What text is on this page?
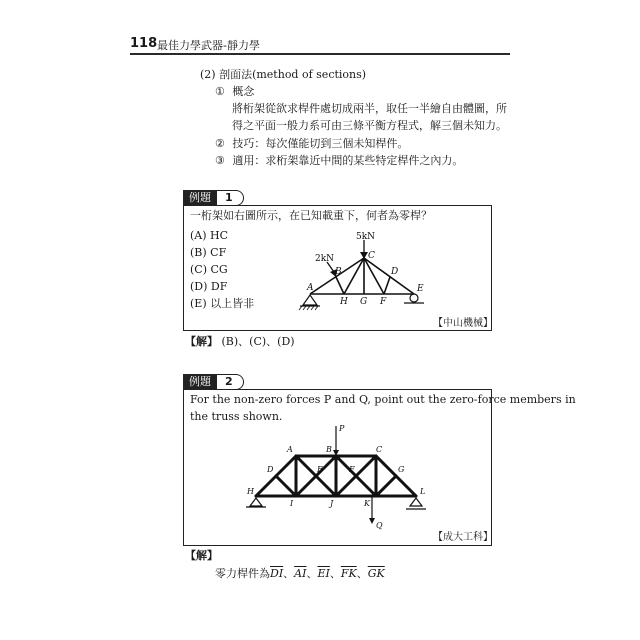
118 最佳力學武器-靜力學
(2) 剖面法(method of sections)
① 概念
將桁架從欲求桿件處切成兩半，取任一半繪自由體圖，所
得之平面一般力系可由三條平衡方程式，解三個未知力。
② 技巧：每次僅能切到三個未知桿件。
③ 適用：求桁架靠近中間的某些特定桿件之內力。
例題	1
一桁架如右圖所示，在已知載重下，何者為零桿？
(A) HC
(B) CF
(C) CG
(D) DF
(E) 以上皆非
5kN
2kN
A
B
C
D
E
H G F
【中山機械】
【解】 (B)、(C)、(D)
例題	2
For the non-zero forces P and Q, point out the zero-force members in
the truss shown.
P
Q
A	B	C
D	E	F	G
H
I	J	K
L
【成大工科】
【解】
零力桿件為$\overline{DI}$、$\overline{AI}$、$\overline{EI}$、$\overline{FK}$、$\overline{GK}$
